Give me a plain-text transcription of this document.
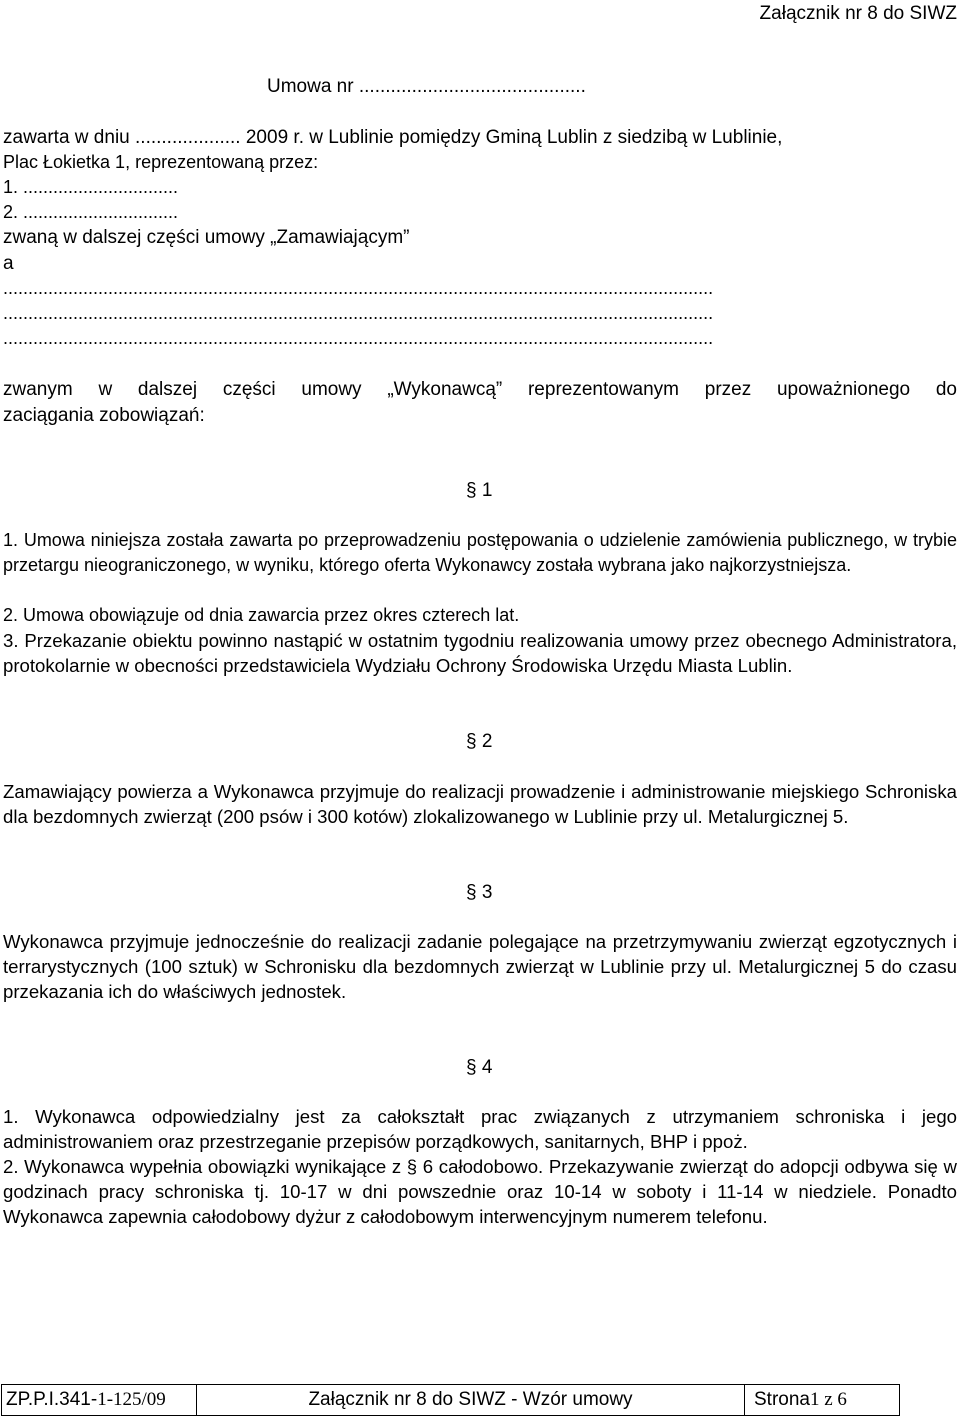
Załącznik nr 8 do SIWZ
Umowa nr ...........................................
zawarta w dniu .................... 2009 r. w Lublinie pomiędzy Gminą Lublin z siedzibą w Lublinie,
Plac Łokietka 1, reprezentowaną przez:
1. ...............................
2. ...............................
zwaną w dalszej części umowy „Zamawiającym”
a
..............................................................................................................................................
..............................................................................................................................................
..............................................................................................................................................
zwanym w dalszej części umowy „Wykonawcą” reprezentowanym przez upoważnionego do
zaciągania zobowiązań:
§ 1
1. Umowa niniejsza została zawarta po przeprowadzeniu postępowania o udzielenie zamówienia publicznego, w trybie przetargu nieograniczonego, w wyniku, którego oferta Wykonawcy została wybrana jako najkorzystniejsza.
2. Umowa obowiązuje od dnia zawarcia przez okres czterech lat.
3. Przekazanie obiektu powinno nastąpić w ostatnim tygodniu realizowania umowy przez obecnego Administratora, protokolarnie w obecności przedstawiciela Wydziału Ochrony Środowiska Urzędu Miasta Lublin.
§ 2
Zamawiający powierza a Wykonawca przyjmuje do realizacji prowadzenie i administrowanie miejskiego Schroniska dla bezdomnych zwierząt (200 psów i 300 kotów) zlokalizowanego w Lublinie przy ul. Metalurgicznej 5.
§ 3
Wykonawca przyjmuje jednocześnie do realizacji zadanie polegające na przetrzymywaniu zwierząt egzotycznych i terrarystycznych (100 sztuk) w Schronisku dla bezdomnych zwierząt w Lublinie przy ul. Metalurgicznej 5 do czasu przekazania ich do właściwych jednostek.
§ 4
1. Wykonawca odpowiedzialny jest za całokształt prac związanych z utrzymaniem schroniska i jego administrowaniem oraz przestrzeganie przepisów porządkowych, sanitarnych, BHP i ppoż.
2. Wykonawca wypełnia obowiązki wynikające z § 6 całodobowo. Przekazywanie zwierząt do adopcji odbywa się w godzinach pracy schroniska tj. 10-17 w dni powszednie oraz 10-14 w soboty i 11-14 w niedziele. Ponadto Wykonawca zapewnia całodobowy dyżur z całodobowym interwencyjnym numerem telefonu.
ZP.P.I.341- 1-125/09	Załącznik nr 8 do SIWZ - Wzór umowy	Strona 1 z 6
